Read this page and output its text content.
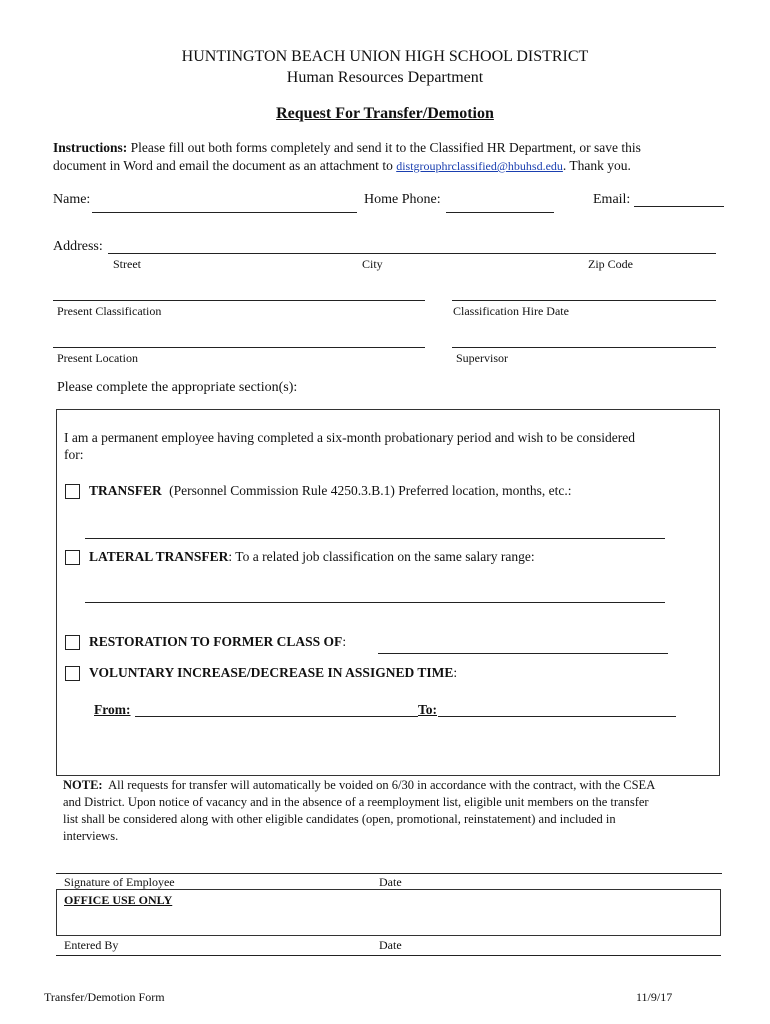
HUNTINGTON BEACH UNION HIGH SCHOOL DISTRICT
Human Resources Department
Request For Transfer/Demotion
Instructions: Please fill out both forms completely and send it to the Classified HR Department, or save this
document in Word and email the document as an attachment to distgrouphrclassified@hbuhsd.edu. Thank you.
Name:	Home Phone:	Email:
Address:
Street	City	Zip Code
Present Classification	Classification Hire Date
Present Location	Supervisor
Please complete the appropriate section(s):
I am a permanent employee having completed a six-month probationary period and wish to be considered
for:
TRANSFER (Personnel Commission Rule 4250.3.B.1) Preferred location, months, etc.:
LATERAL TRANSFER: To a related job classification on the same salary range:
RESTORATION TO FORMER CLASS OF:
VOLUNTARY INCREASE/DECREASE IN ASSIGNED TIME:
From:	To:
NOTE: All requests for transfer will automatically be voided on 6/30 in accordance with the contract, with the CSEA
and District. Upon notice of vacancy and in the absence of a reemployment list, eligible unit members on the transfer
list shall be considered along with other eligible candidates (open, promotional, reinstatement) and included in
interviews.
Signature of Employee	Date
OFFICE USE ONLY
Entered By	Date
Transfer/Demotion Form	11/9/17
